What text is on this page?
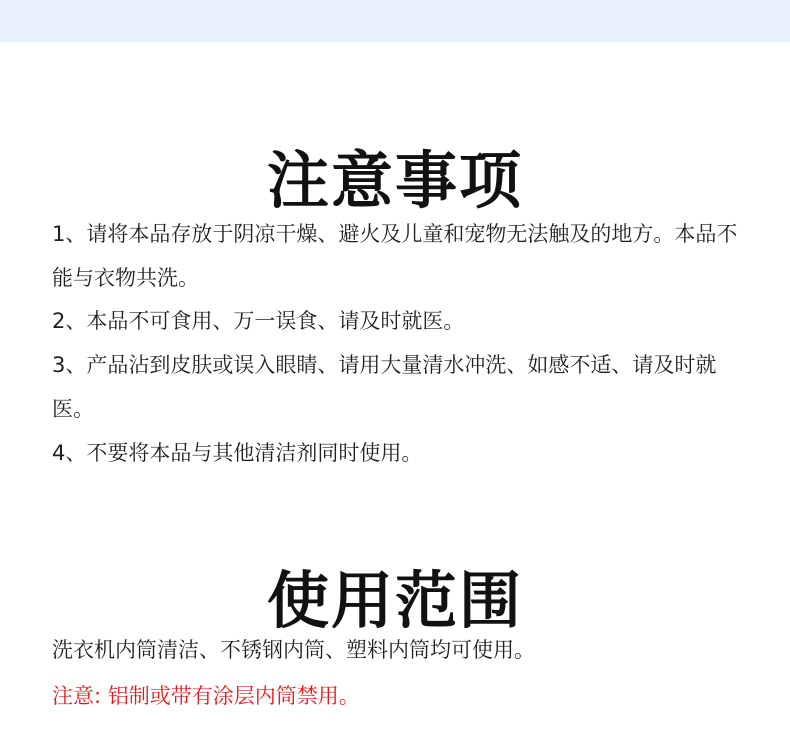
注意事项
1、请将本品存放于阴凉干燥、避火及儿童和宠物无法触及的地方。本品不能与衣物共洗。
2、本品不可食用、万一误食、请及时就医。
3、产品沾到皮肤或误入眼睛、请用大量清水冲洗、如感不适、请及时就医。
4、不要将本品与其他清洁剂同时使用。
使用范围

洗衣机内筒清洁、不锈钢内筒、塑料内筒均可使用。

注意: 铝制或带有涂层内筒禁用。
